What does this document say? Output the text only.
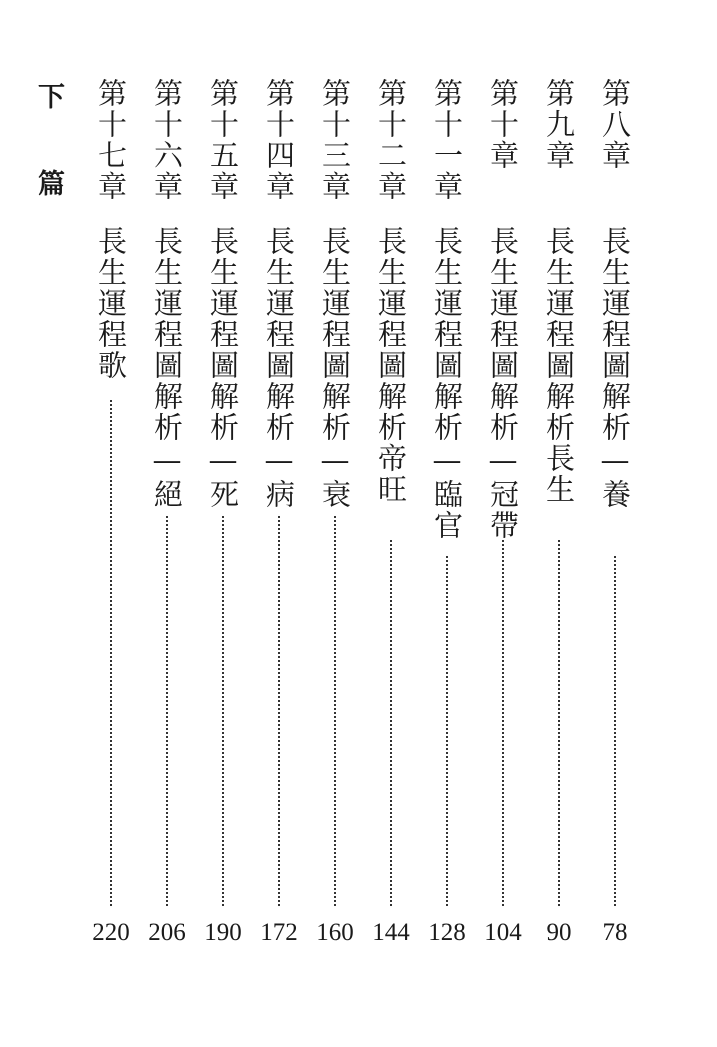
下篇	第八章
長生運程圖解析—養
78
第九章
長生運程圖解析長生
90
第十章
長生運程圖解析—冠帶
104
第十一章
長生運程圖解析—臨官
128
第十二章
長生運程圖解析帝旺
144
第十三章
長生運程圖解析—衰
160
第十四章
長生運程圖解析—病
172
第十五章
長生運程圖解析—死
190
第十六章
長生運程圖解析—絕
206
第十七章
長生運程歌
220
